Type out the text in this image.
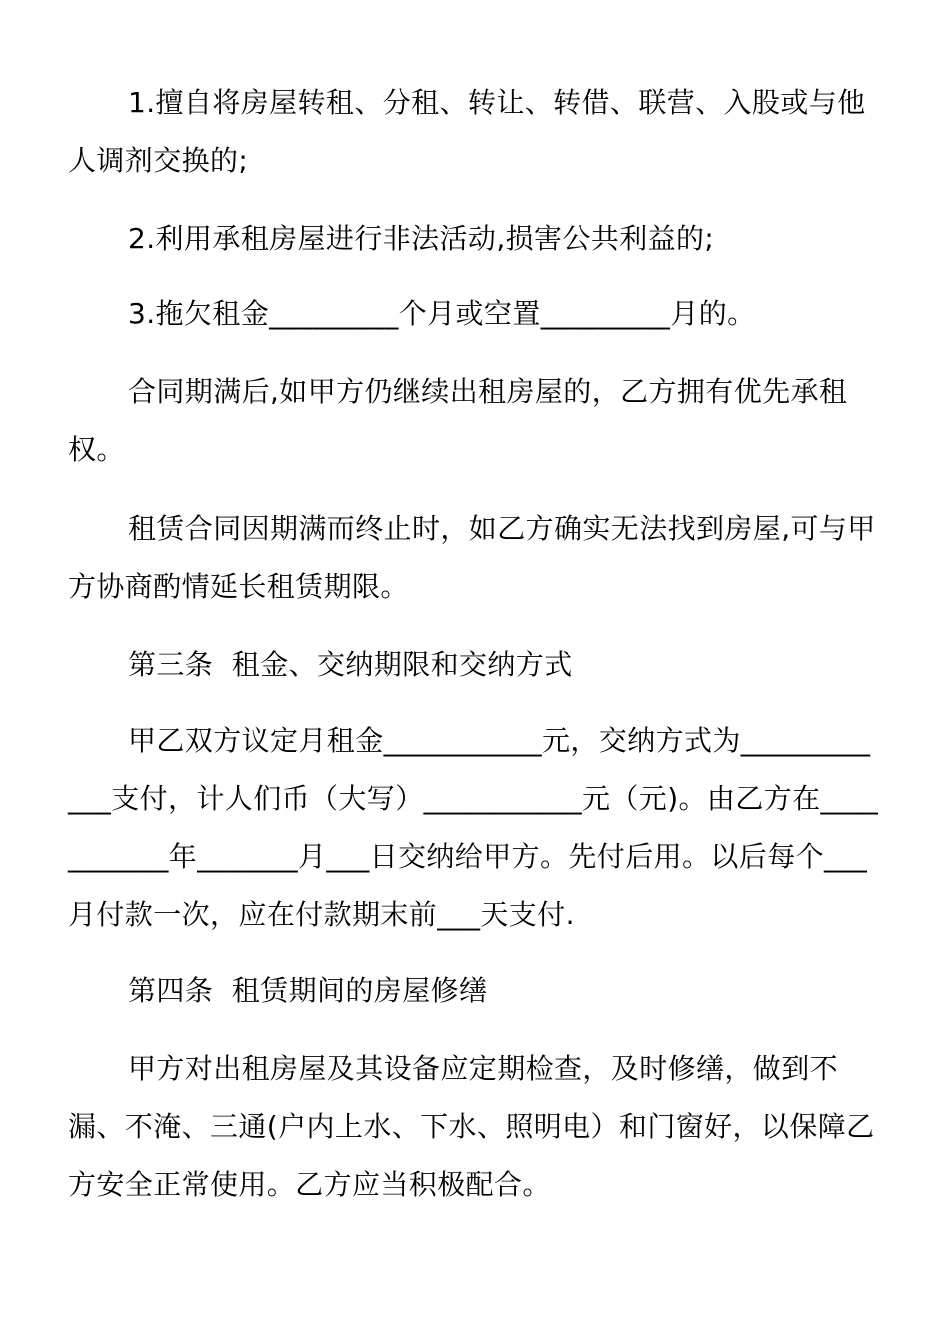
1.擅自将房屋转租、分租、转让、转借、联营、入股或与他人调剂交换的;

2.利用承租房屋进行非法活动,损害公共利益的;

3.拖欠租金_________个月或空置_________月的。

合同期满后,如甲方仍继续出租房屋的，乙方拥有优先承租权。

租赁合同因期满而终止时，如乙方确实无法找到房屋,可与甲方协商酌情延长租赁期限。

第三条  租金、交纳期限和交纳方式

甲乙双方议定月租金___________元，交纳方式为____________支付，计人们币（大写）___________元（元)。由乙方在___________年_______月___日交纳给甲方。先付后用。以后每个___月付款一次，应在付款期末前___天支付.

第四条  租赁期间的房屋修缮

甲方对出租房屋及其设备应定期检查，及时修缮，做到不漏、不淹、三通(户内上水、下水、照明电）和门窗好，以保障乙方安全正常使用。乙方应当积极配合。
